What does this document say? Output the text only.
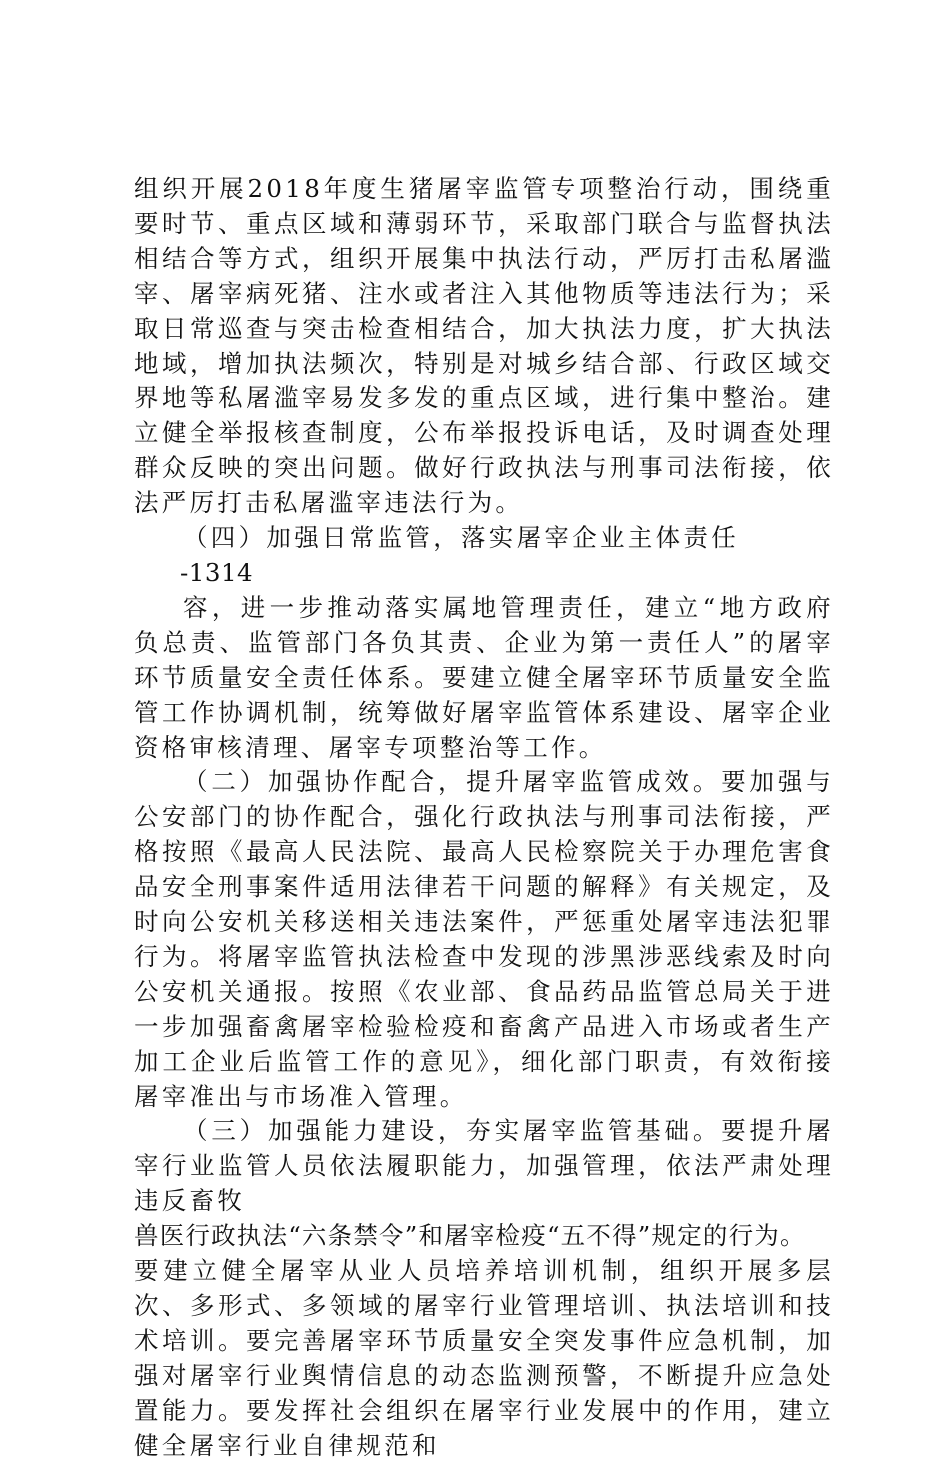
组织开展2018年度生猪屠宰监管专项整治行动，围绕重要时节、重点区域和薄弱环节，采取部门联合与监督执法相结合等方式，组织开展集中执法行动，严厉打击私屠滥宰、屠宰病死猪、注水或者注入其他物质等违法行为；采取日常巡查与突击检查相结合，加大执法力度，扩大执法地域，增加执法频次，特别是对城乡结合部、行政区域交界地等私屠滥宰易发多发的重点区域，进行集中整治。建立健全举报核查制度，公布举报投诉电话，及时调查处理群众反映的突出问题。做好行政执法与刑事司法衔接，依法严厉打击私屠滥宰违法行为。

（四）加强日常监管，落实屠宰企业主体责任

-1314

容，进一步推动落实属地管理责任，建立“地方政府负总责、监管部门各负其责、企业为第一责任人”的屠宰环节质量安全责任体系。要建立健全屠宰环节质量安全监管工作协调机制，统筹做好屠宰监管体系建设、屠宰企业资格审核清理、屠宰专项整治等工作。

（二）加强协作配合，提升屠宰监管成效。要加强与公安部门的协作配合，强化行政执法与刑事司法衔接，严格按照《最高人民法院、最高人民检察院关于办理危害食品安全刑事案件适用法律若干问题的解释》有关规定，及时向公安机关移送相关违法案件，严惩重处屠宰违法犯罪行为。将屠宰监管执法检查中发现的涉黑涉恶线索及时向公安机关通报。按照《农业部、食品药品监管总局关于进一步加强畜禽屠宰检验检疫和畜禽产品进入市场或者生产加工企业后监管工作的意见》，细化部门职责，有效衔接屠宰准出与市场准入管理。

（三）加强能力建设，夯实屠宰监管基础。要提升屠宰行业监管人员依法履职能力，加强管理，依法严肃处理违反畜牧

兽医行政执法“六条禁令”和屠宰检疫“五不得”规定的行为。

要建立健全屠宰从业人员培养培训机制，组织开展多层次、多形式、多领域的屠宰行业管理培训、执法培训和技术培训。要完善屠宰环节质量安全突发事件应急机制，加强对屠宰行业舆情信息的动态监测预警，不断提升应急处置能力。要发挥社会组织在屠宰行业发展中的作用，建立健全屠宰行业自律规范和
